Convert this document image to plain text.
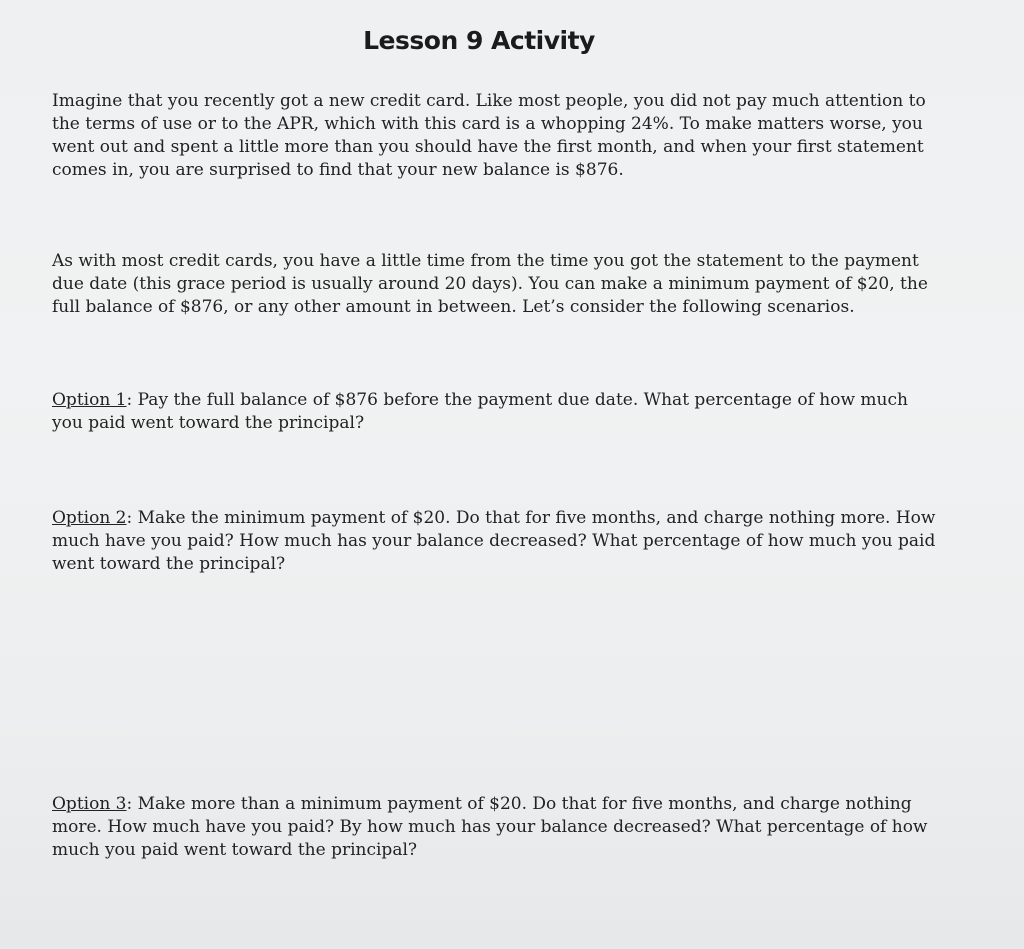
Lesson 9 Activity
Imagine that you recently got a new credit card. Like most people, you did not pay much attention to the terms of use or to the APR, which with this card is a whopping 24%. To make matters worse, you went out and spent a little more than you should have the first month, and when your first statement comes in, you are surprised to find that your new balance is $876.
As with most credit cards, you have a little time from the time you got the statement to the payment due date (this grace period is usually around 20 days). You can make a minimum payment of $20, the full balance of $876, or any other amount in between. Let’s consider the following scenarios.
Option 1: Pay the full balance of $876 before the payment due date. What percentage of how much you paid went toward the principal?
Option 2: Make the minimum payment of $20. Do that for five months, and charge nothing more. How much have you paid? How much has your balance decreased? What percentage of how much you paid went toward the principal?
Option 3: Make more than a minimum payment of $20. Do that for five months, and charge nothing more. How much have you paid? By how much has your balance decreased? What percentage of how much you paid went toward the principal?
